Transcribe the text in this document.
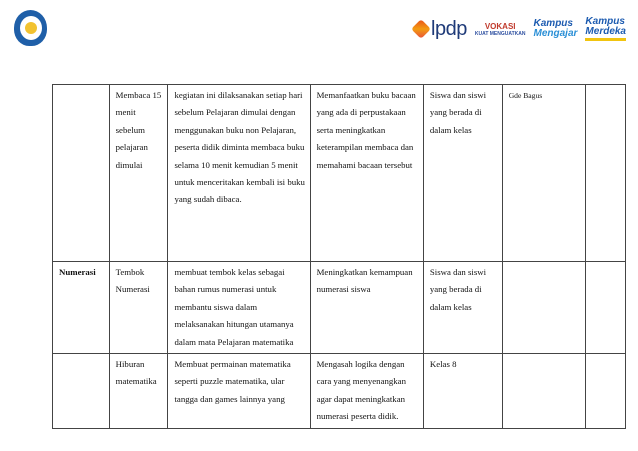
lpdp	VOKASI
KUAT MENGUATKAN
Kampus
Mengajar
Kampus
Merdeka
	Membaca 15 menit sebelum pelajaran dimulai	kegiatan ini dilaksanakan setiap hari sebelum Pelajaran dimulai dengan menggunakan buku non Pelajaran, peserta didik diminta membaca buku selama 10 menit kemudian 5 menit untuk menceritakan kembali isi buku yang sudah dibaca.	Memanfaatkan buku bacaan yang ada di perpustakaan serta meningkatkan keterampilan membaca dan memahami bacaan tersebut	Siswa dan siswi yang berada di dalam kelas	Gde Bagus	
Numerasi	Tembok Numerasi	membuat tembok kelas sebagai bahan rumus numerasi untuk membantu siswa dalam melaksanakan hitungan utamanya dalam mata Pelajaran matematika	Meningkatkan kemampuan numerasi siswa	Siswa dan siswi yang berada di dalam kelas		
	Hiburan matematika	Membuat permainan matematika seperti puzzle matematika, ular tangga dan games lainnya yang	Mengasah logika dengan cara yang menyenangkan agar dapat meningkatkan numerasi peserta didik.	Kelas 8		
